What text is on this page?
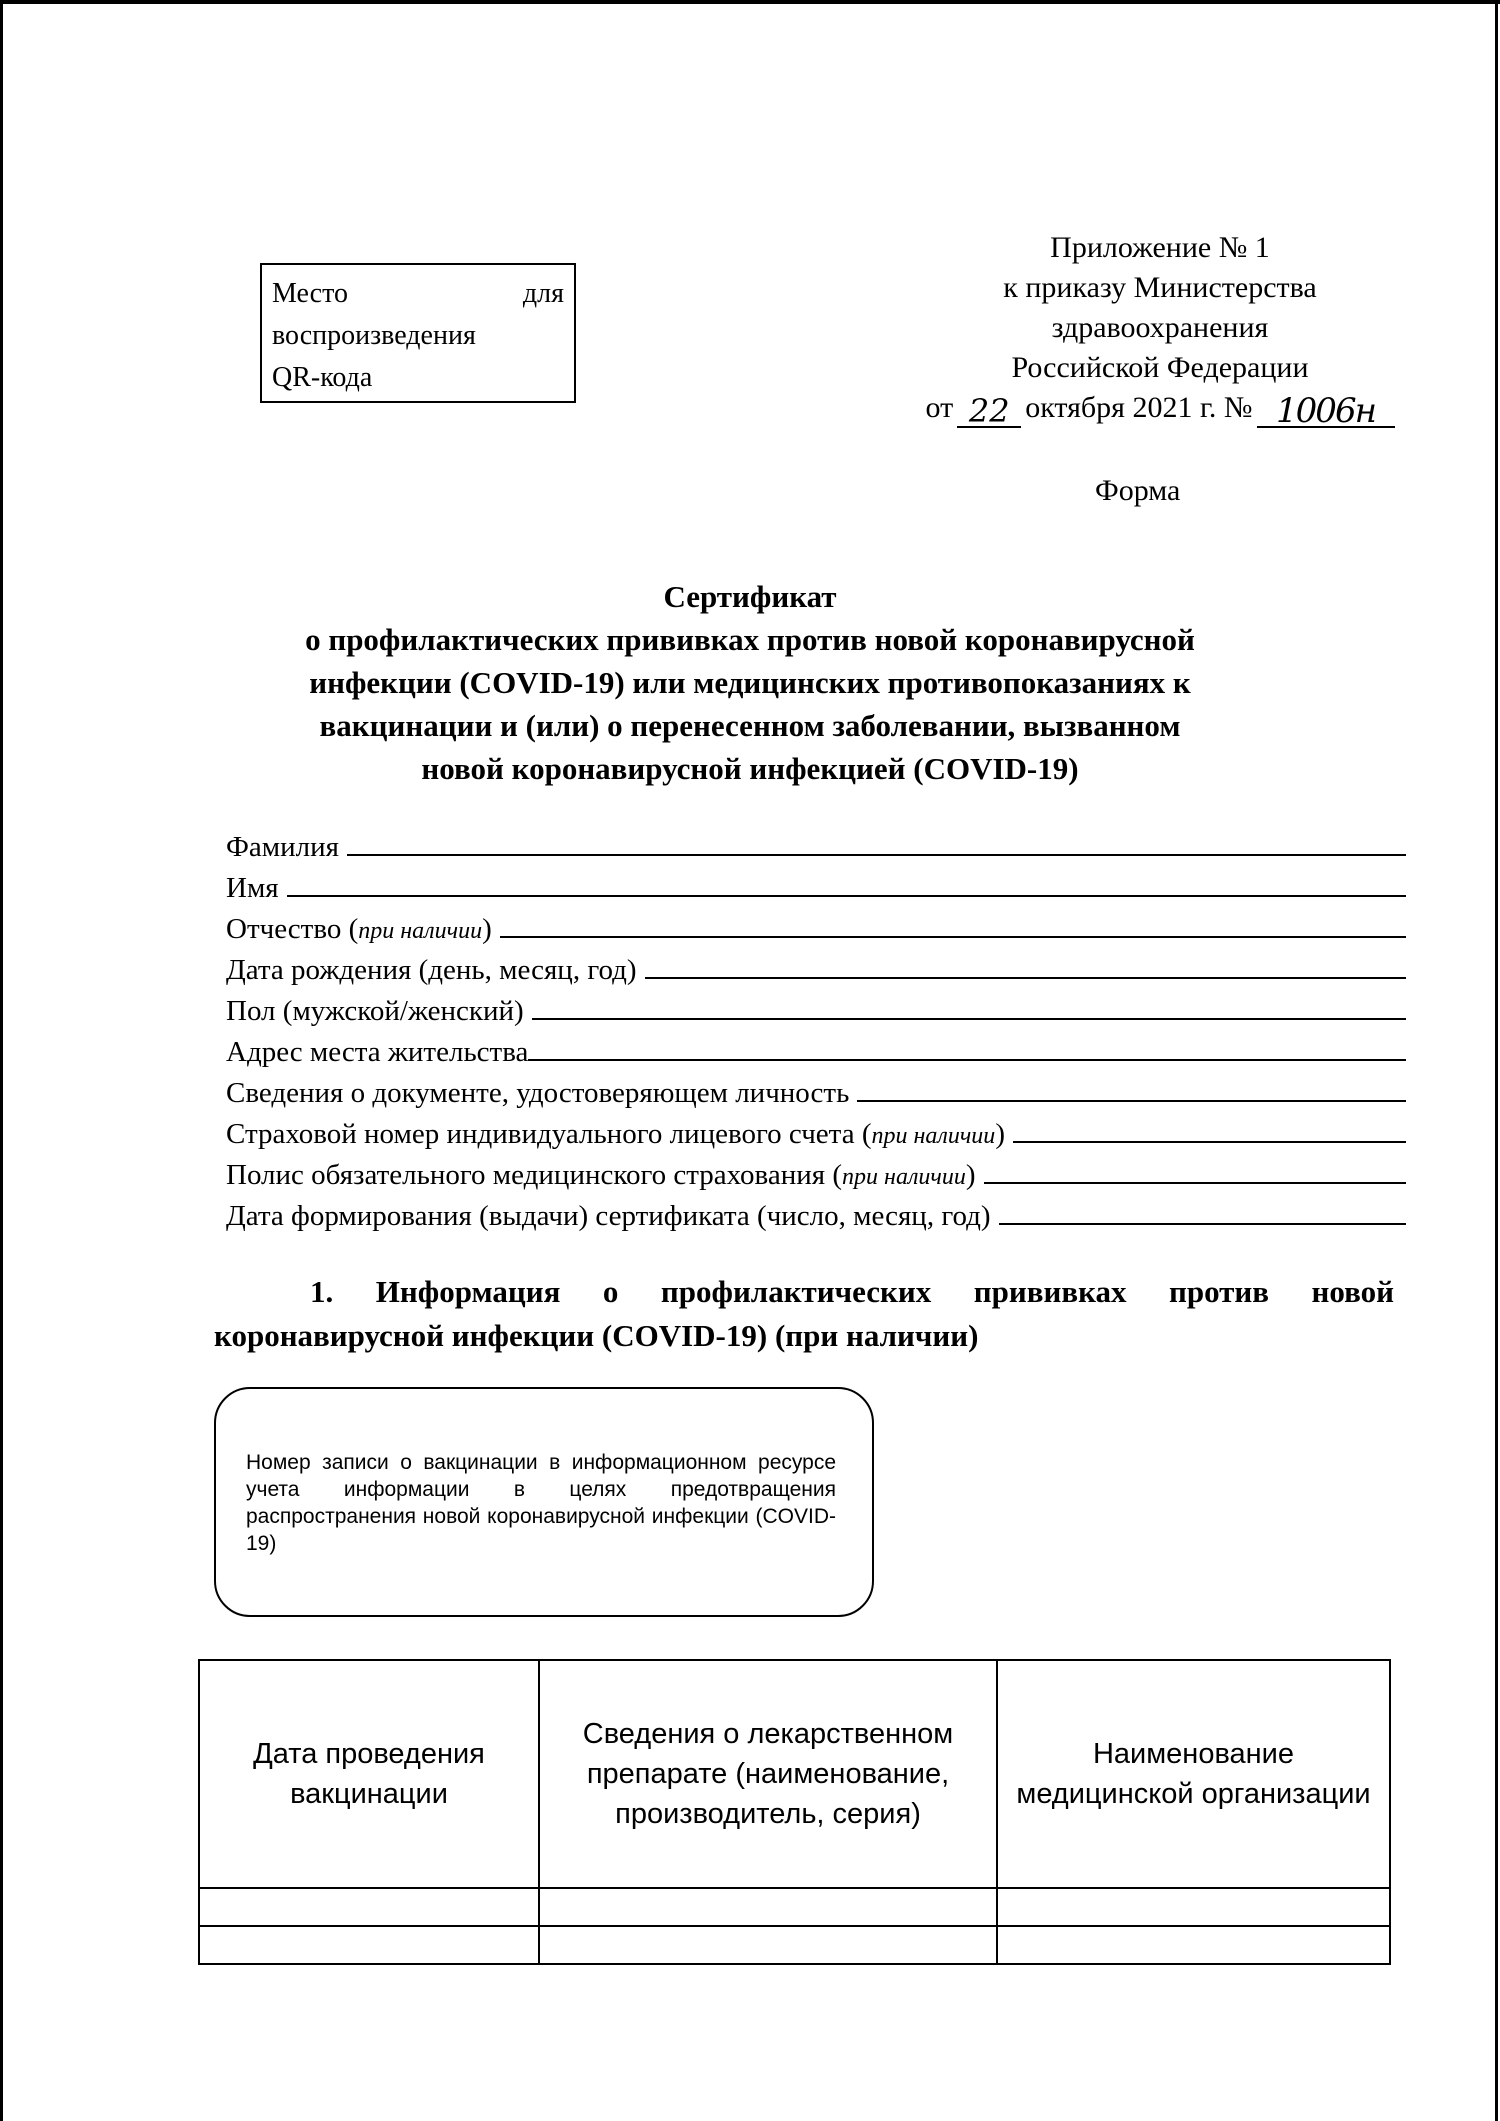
Место	для
воспроизведения
QR-кода
Приложение № 1
к приказу Министерства
здравоохранения
Российской Федерации
от 22 октября 2021 г. № 1006н
Форма
Сертификат
о профилактических прививках против новой коронавирусной
инфекции (COVID-19) или медицинских противопоказаниях к
вакцинации и (или) о перенесенном заболевании, вызванном
новой коронавирусной инфекцией (COVID-19)
Фамилия
Имя
Отчество (при наличии)
Дата рождения (день, месяц, год)
Пол (мужской/женский)
Адрес места жительства
Сведения о документе, удостоверяющем личность
Страховой номер индивидуального лицевого счета (при наличии)
Полис обязательного медицинского страхования (при наличии)
Дата формирования (выдачи) сертификата (число, месяц, год)
1. Информация о профилактических прививках против новой
коронавирусной инфекции (COVID-19) (при наличии)
Номер записи о вакцинации в информационном ресурсе учета информации в целях предотвращения распространения новой коронавирусной инфекции (COVID-19)
Дата проведения вакцинации	Сведения о лекарственном препарате (наименование, производитель, серия)	Наименование медицинской организации
